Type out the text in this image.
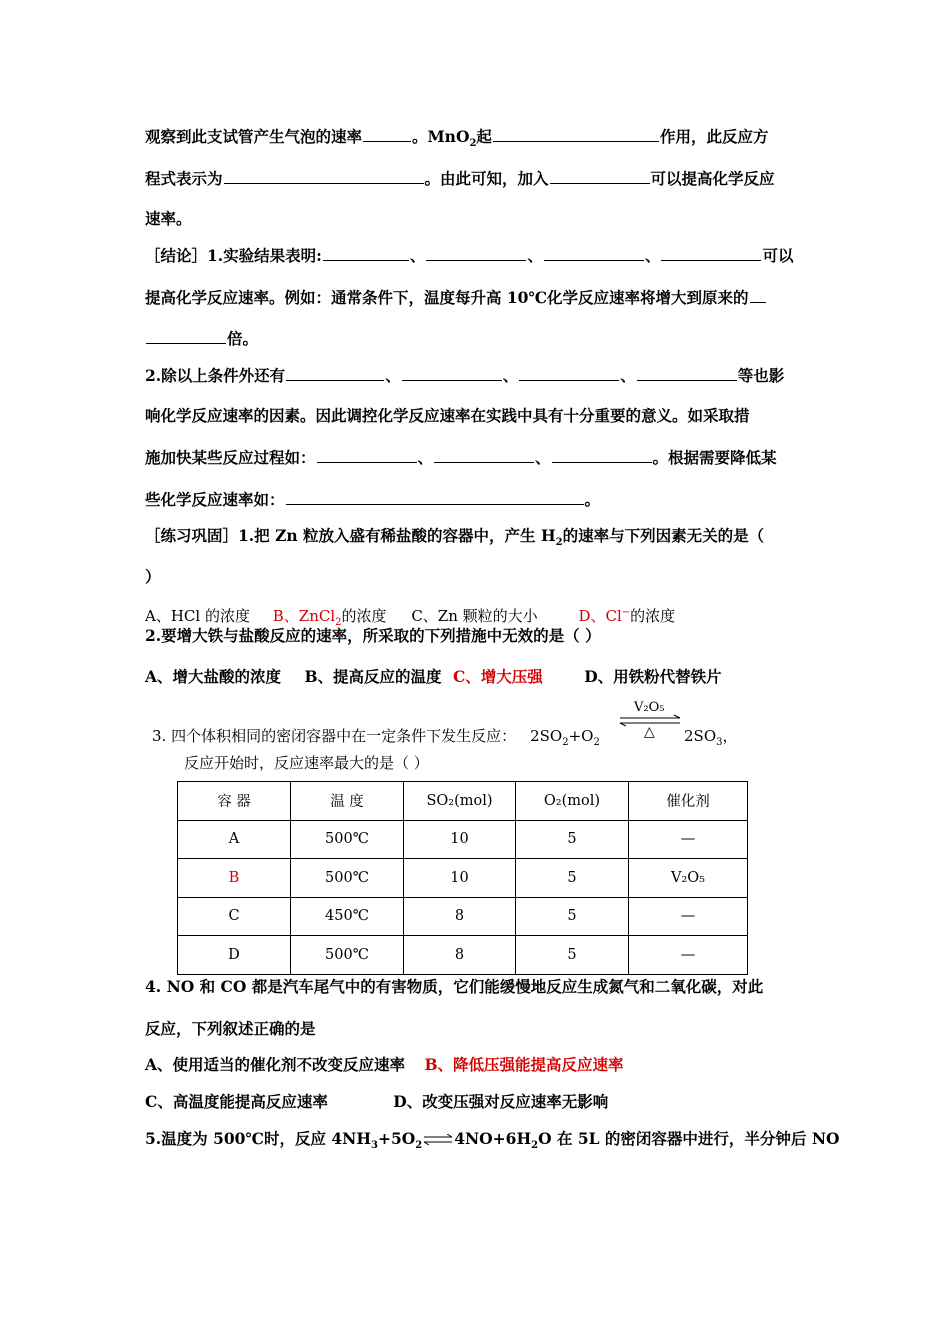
观察到此支试管产生气泡的速率	。MnO$_2$起	作用，此反应方
程式表示为	。由此可知，加入	可以提高化学反应
速率。
［结论］1.实验结果表明:	、	、	、	可以
提高化学反应速率。例如：通常条件下，温度每升高 10℃化学反应速率将增大到原来的
倍。
2.除以上条件外还有	、	、	、	等也影
响化学反应速率的因素。因此调控化学反应速率在实践中具有十分重要的意义。如采取措
施加快某些反应过程如：	、	、	。根据需要降低某
些化学反应速率如：	。
［练习巩固］1.把 Zn 粒放入盛有稀盐酸的容器中，产生 $H_2$的速率与下列因素无关的是（
）
A、HCl 的浓度 B、ZnCl$_2$的浓度 C、Zn 颗粒的大小	D、Cl−的浓度
2.要增大铁与盐酸反应的速率，所采取的下列措施中无效的是（ ）
A、增大盐酸的浓度 B、提高反应的温度 C、增大压强	D、用铁粉代替铁片
3. 四个体积相同的密闭容器中在一定条件下发生反应： $2SO_2+O_2$
V₂O₅
△ $2SO_3$，
反应开始时，反应速率最大的是（ ）
容 器	温 度	SO₂(mol)	O₂(mol)	催化剂
A	500℃	10	5	—
B	500℃	10	5	V₂O₅
C	450℃	8	5	—
D	500℃	8	5	—
4. NO 和 CO 都是汽车尾气中的有害物质，它们能缓慢地反应生成氮气和二氧化碳，对此
反应，下列叙述正确的是
A、使用适当的催化剂不改变反应速率 B、降低压强能提高反应速率
C、高温度能提高反应速率	D、改变压强对反应速率无影响
5.温度为 500℃时，反应 $4NH_3+5O_2\rightleftharpoons 4NO+6H_2O$ 在 5L 的密闭容器中进行，半分钟后 NO
